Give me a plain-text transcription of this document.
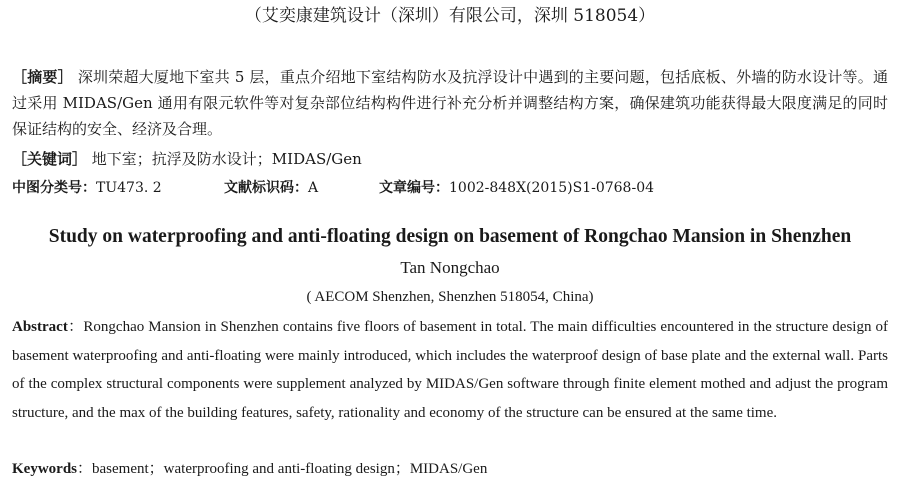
（艾奕康建筑设计（深圳）有限公司，深圳 518054）

［摘要］ 深圳荣超大厦地下室共 5 层，重点介绍地下室结构防水及抗浮设计中遇到的主要问题，包括底板、外墙的防水设计等。通过采用 MIDAS/Gen 通用有限元软件等对复杂部位结构构件进行补充分析并调整结构方案，确保建筑功能获得最大限度满足的同时保证结构的安全、经济及合理。

［关键词］ 地下室；抗浮及防水设计；MIDAS/Gen
中图分类号：TU473. 2	文献标识码：A	文章编号：1002-848X(2015)S1-0768-04
Study on waterproofing and anti-floating design on basement of Rongchao Mansion in Shenzhen
Tan Nongchao
( AECOM Shenzhen, Shenzhen 518054, China)

Abstract：Rongchao Mansion in Shenzhen contains five floors of basement in total. The main difficulties encountered in the structure design of basement waterproofing and anti-floating were mainly introduced, which includes the waterproof design of base plate and the external wall. Parts of the complex structural components were supplement analyzed by MIDAS/Gen software through finite element mothed and adjust the program structure, and the max of the building features, safety, rationality and economy of the structure can be ensured at the same time.

Keywords：basement；waterproofing and anti-floating design；MIDAS/Gen
